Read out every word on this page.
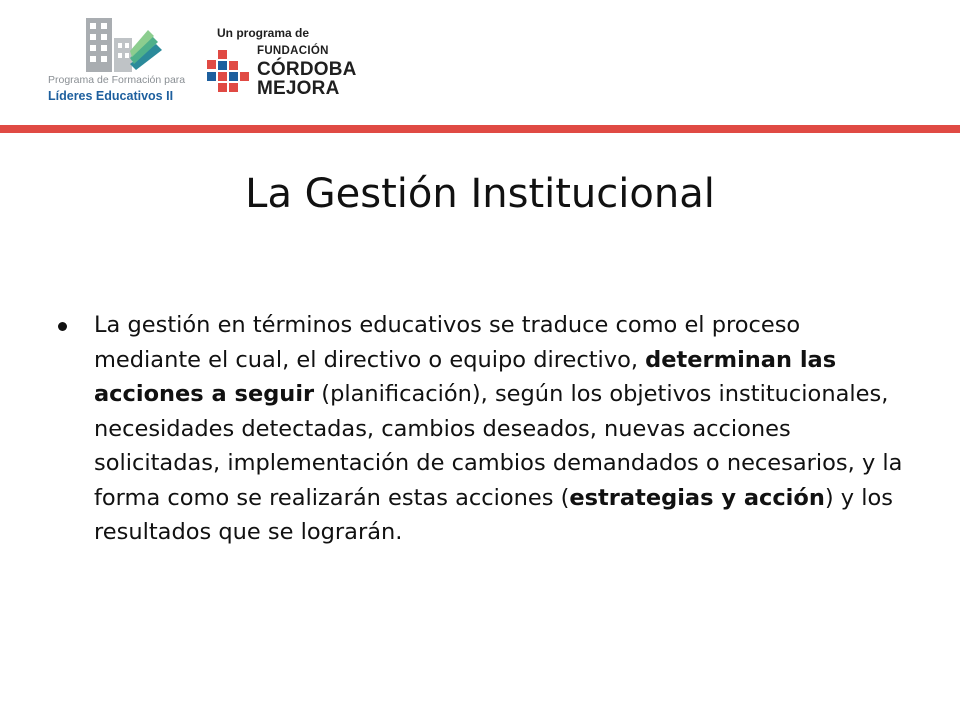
Programa de Formación para
Líderes Educativos II
Un programa de
FUNDACIÓN
CÓRDOBA
MEJORA
La Gestión Institucional

La gestión en términos educativos se traduce como el proceso mediante el cual, el directivo o equipo directivo, determinan las acciones a seguir (planificación), según los objetivos institucionales, necesidades detectadas, cambios deseados, nuevas acciones solicitadas, implementación de cambios demandados o necesarios, y la forma como se realizarán estas acciones (estrategias y acción) y los resultados que se lograrán.
